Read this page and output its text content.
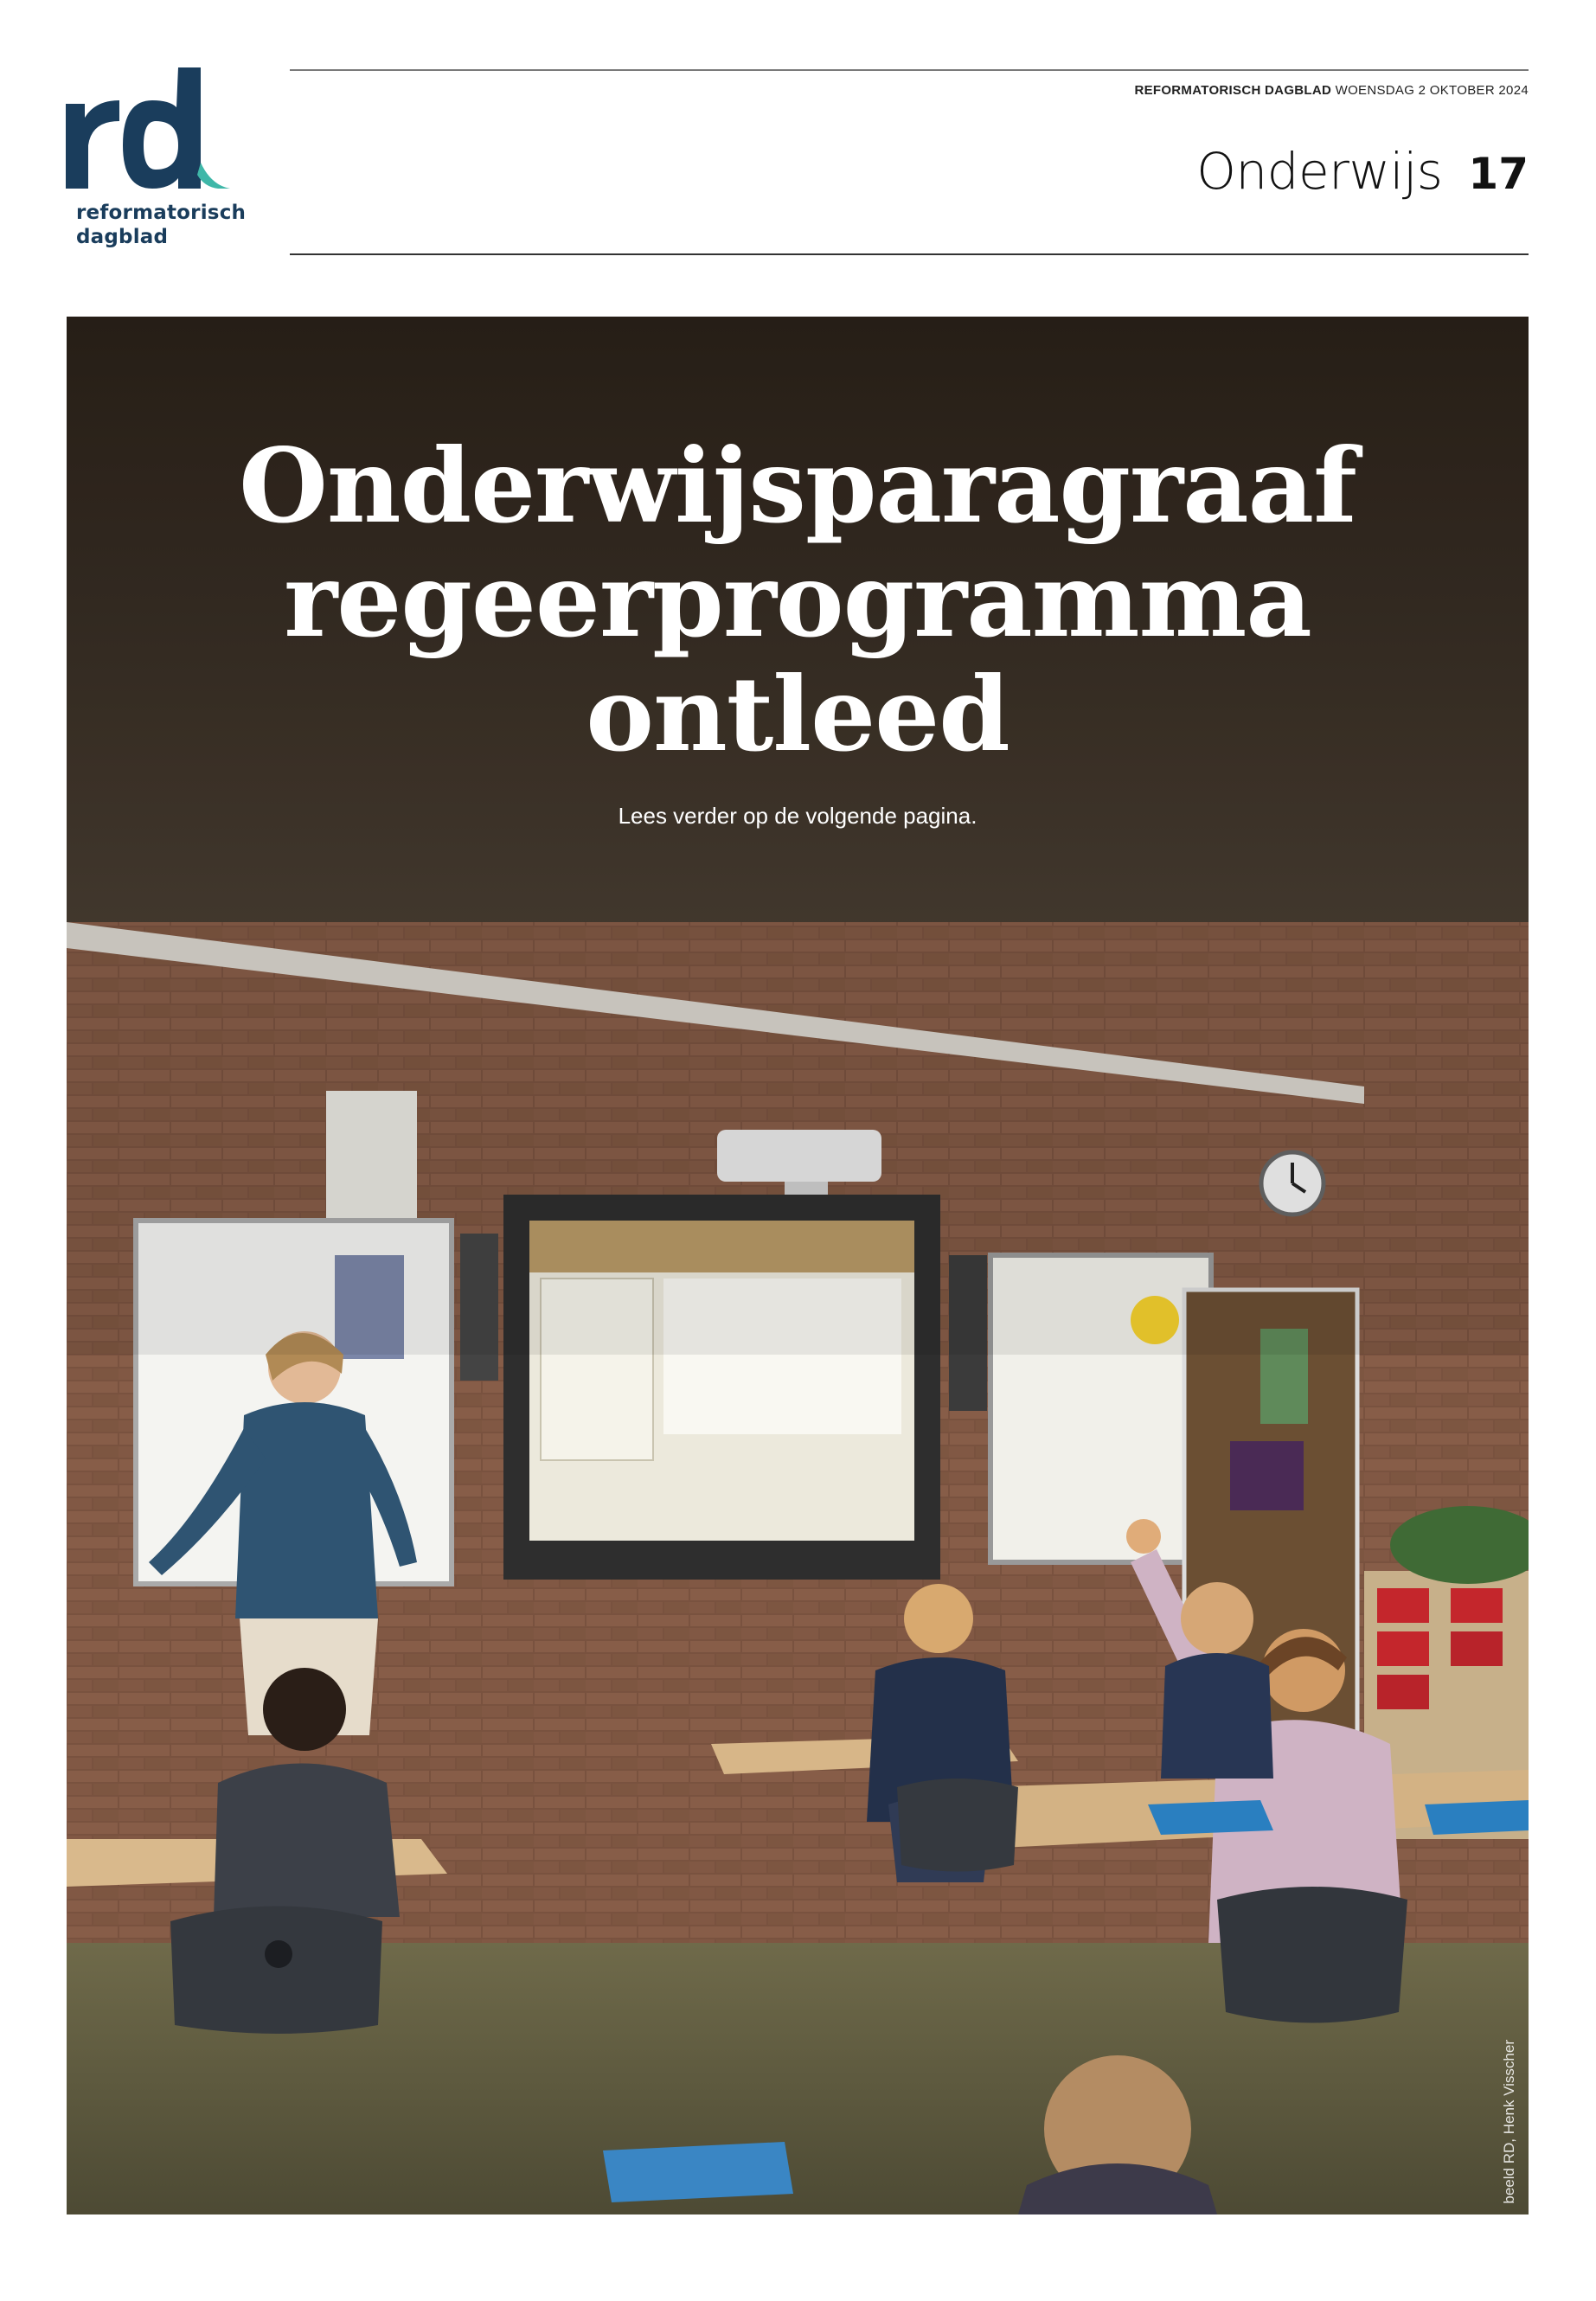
reformatorisch
dagblad
REFORMATORISCH DAGBLAD WOENSDAG 2 OKTOBER 2024
Onderwijs 17
Onderwijsparagraaf
regeerprogramma
ontleed
Lees verder op de volgende pagina.
beeld RD, Henk Visscher
